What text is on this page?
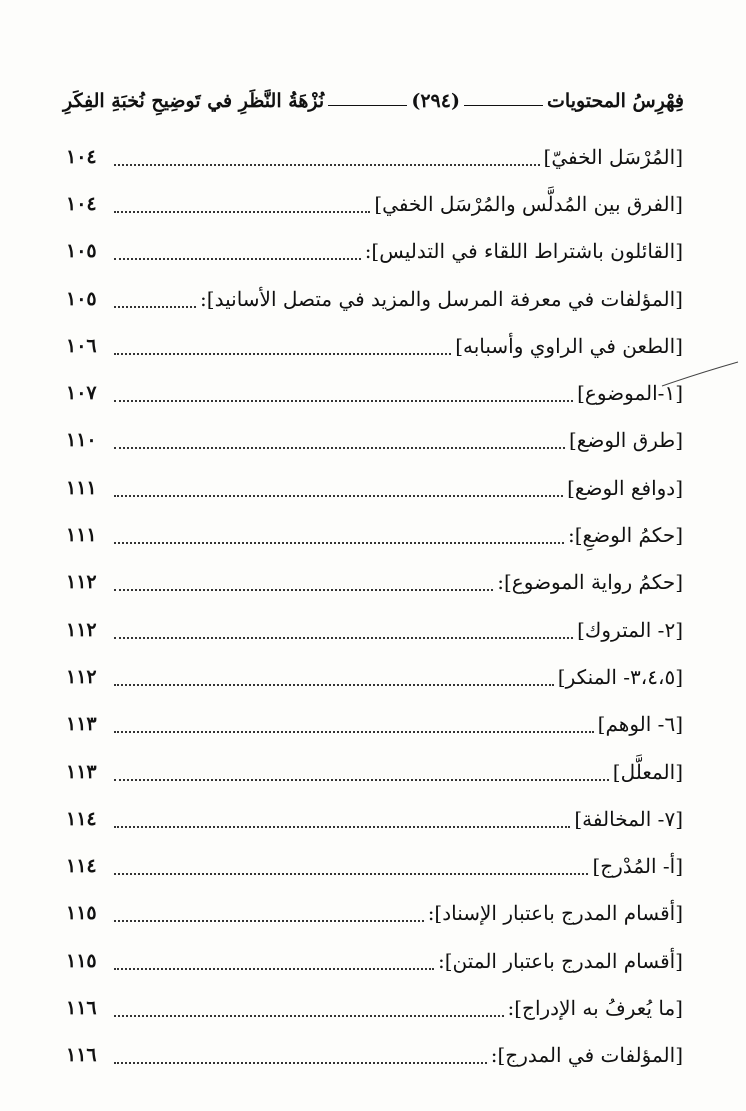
فِهْرِسُ المحتويات
(٢٩٤)
نُزْهَةُ النَّظَرِ في تَوضِيحِ نُخبَةِ الفِكَرِ
[المُرْسَل الخفيّ]
١٠٤
[الفرق بين المُدلَّس والمُرْسَل الخفي]
١٠٤
[القائلون باشتراط اللقاء في التدليس]:
١٠٥
[المؤلفات في معرفة المرسل والمزيد في متصل الأسانيد]:
١٠٥
[الطعن في الراوي وأسبابه]
١٠٦
[١-الموضوع]
١٠٧
[طرق الوضع]
١١٠
[دوافع الوضع]
١١١
[حكمُ الوضعِ]:
١١١
[حكمُ رواية الموضوع]:
١١٢
[٢- المتروك]
١١٢
[٣،٤،٥- المنكر]
١١٢
[٦- الوهم]
١١٣
[المعلَّل]
١١٣
[٧- المخالفة]
١١٤
[أ- المُدْرج]
١١٤
[أقسام المدرج باعتبار الإسناد]:
١١٥
[أقسام المدرج باعتبار المتن]:
١١٥
[ما يُعرفُ به الإدراج]:
١١٦
[المؤلفات في المدرج]:
١١٦
